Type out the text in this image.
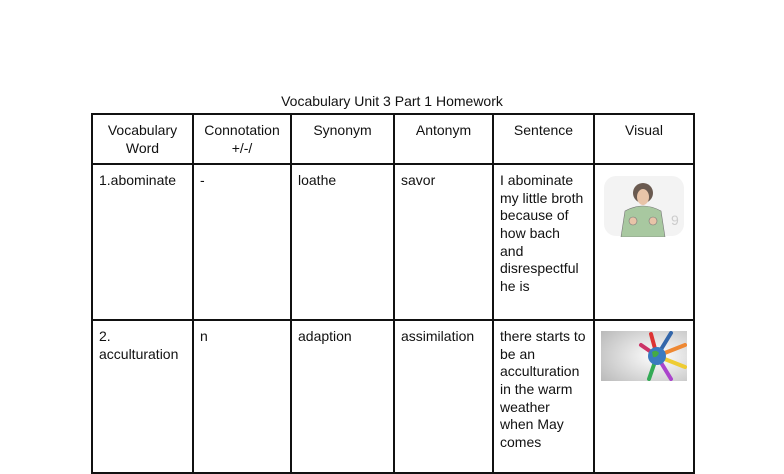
Vocabulary Unit 3 Part 1 Homework
Vocabulary Word	Connotation +/-/	Synonym	Antonym	Sentence	Visual
1.abominate	-	loathe	savor	I abominate my little broth because of how bach and disrespectful he is	9

2. acculturation	n	adaption	assimilation	there starts to be an acculturation in the warm weather when May comes	
